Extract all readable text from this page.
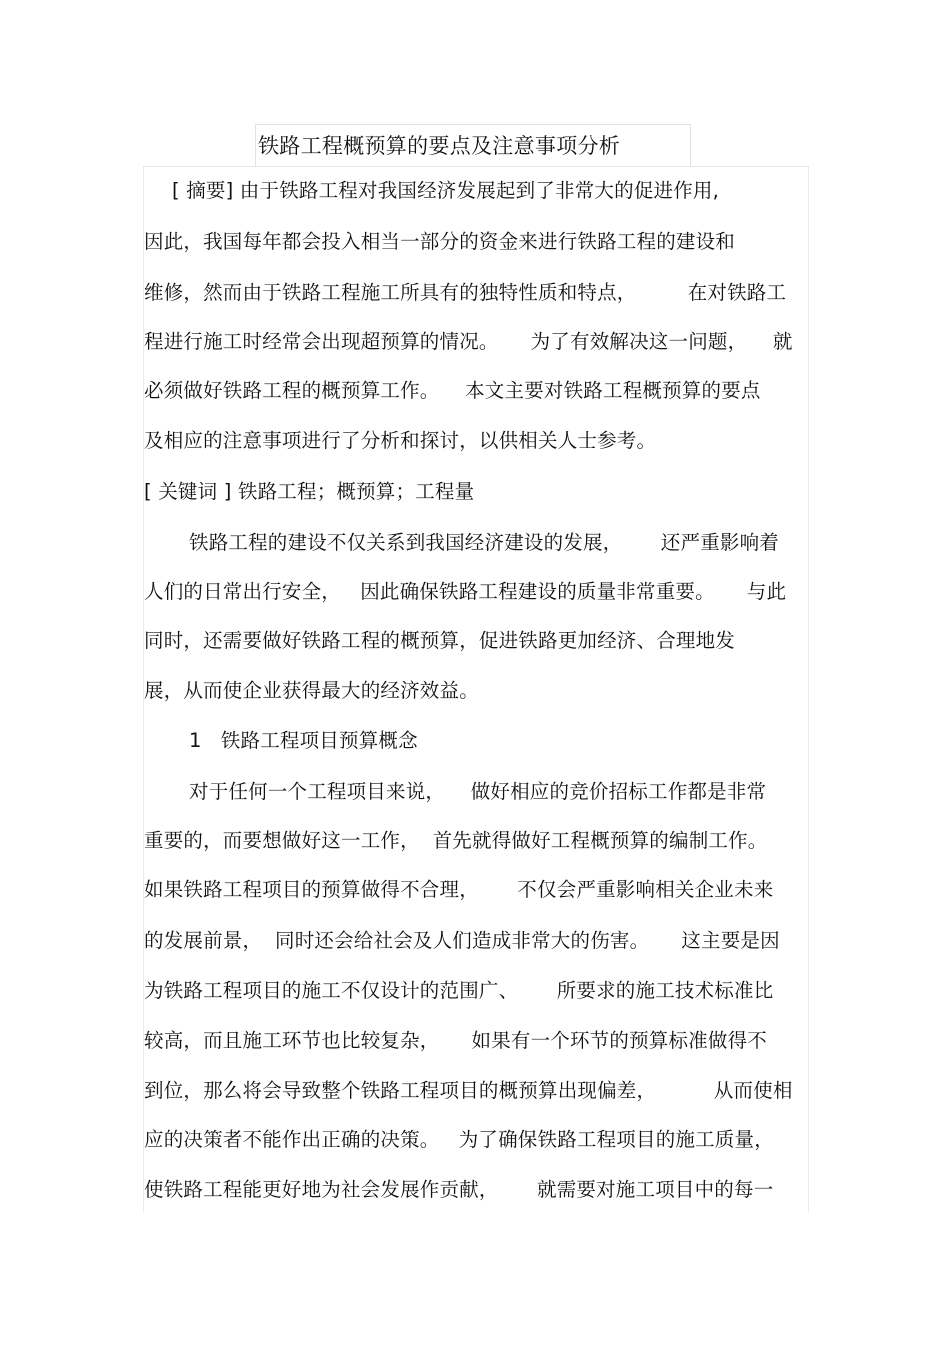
铁路工程概预算的要点及注意事项分析
[ 摘要] 由于铁路工程对我国经济发展起到了非常大的促进作用,
因此，我国每年都会投入相当一部分的资金来进行铁路工程的建设和
维修，然而由于铁路工程施工所具有的独特性质和特点，        在对铁路工
程进行施工时经常会出现超预算的情况。     为了有效解决这一问题，    就
必须做好铁路工程的概预算工作。    本文主要对铁路工程概预算的要点
及相应的注意事项进行了分析和探讨，以供相关人士参考。
[ 关键词 ] 铁路工程；概预算；工程量
铁路工程的建设不仅关系到我国经济建设的发展，      还严重影响着
人们的日常出行安全，   因此确保铁路工程建设的质量非常重要。     与此
同时，还需要做好铁路工程的概预算，促进铁路更加经济、合理地发
展，从而使企业获得最大的经济效益。
1   铁路工程项目预算概念
对于任何一个工程项目来说，    做好相应的竞价招标工作都是非常
重要的，而要想做好这一工作，  首先就得做好工程概预算的编制工作。
如果铁路工程项目的预算做得不合理，      不仅会严重影响相关企业未来
的发展前景，  同时还会给社会及人们造成非常大的伤害。     这主要是因
为铁路工程项目的施工不仅设计的范围广、      所要求的施工技术标准比
较高，而且施工环节也比较复杂，     如果有一个环节的预算标准做得不
到位，那么将会导致整个铁路工程项目的概预算出现偏差，         从而使相
应的决策者不能作出正确的决策。   为了确保铁路工程项目的施工质量，
使铁路工程能更好地为社会发展作贡献，      就需要对施工项目中的每一
